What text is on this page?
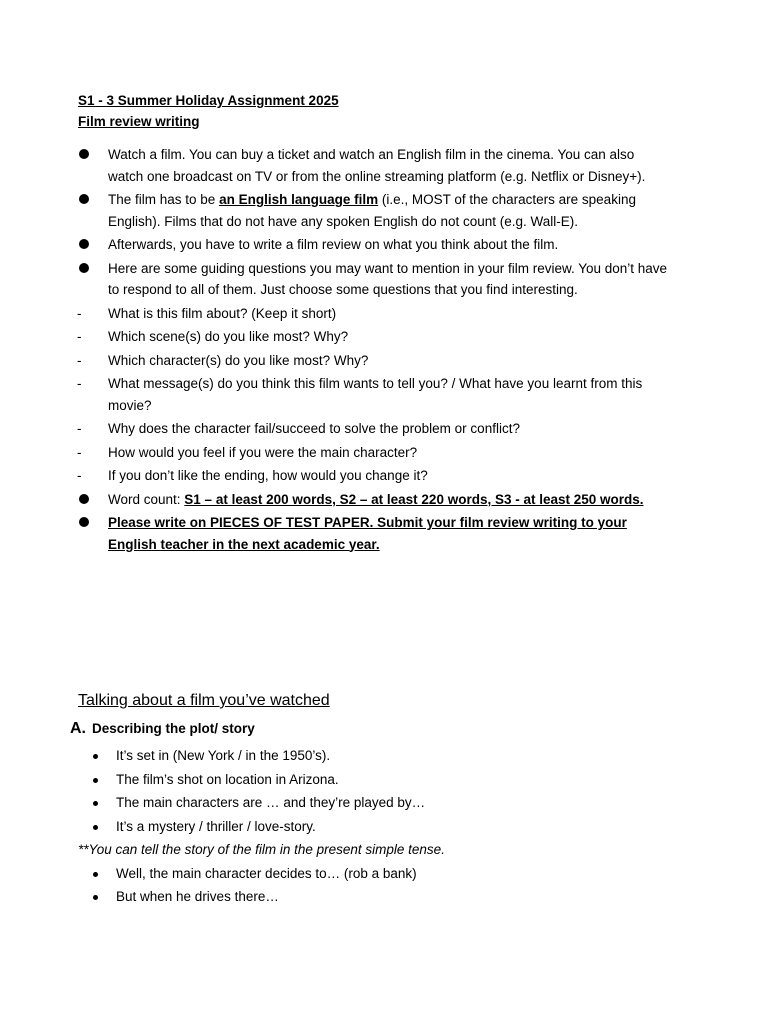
S1 - 3 Summer Holiday Assignment 2025
Film review writing
Watch a film. You can buy a ticket and watch an English film in the cinema. You can also watch one broadcast on TV or from the online streaming platform (e.g. Netflix or Disney+).
The film has to be an English language film (i.e., MOST of the characters are speaking English). Films that do not have any spoken English do not count (e.g. Wall-E).
Afterwards, you have to write a film review on what you think about the film.
Here are some guiding questions you may want to mention in your film review. You don’t have to respond to all of them. Just choose some questions that you find interesting.
- What is this film about? (Keep it short)
- Which scene(s) do you like most? Why?
- Which character(s) do you like most? Why?
- What message(s) do you think this film wants to tell you? / What have you learnt from this movie?
- Why does the character fail/succeed to solve the problem or conflict?
- How would you feel if you were the main character?
- If you don’t like the ending, how would you change it?
Word count: S1 – at least 200 words, S2 – at least 220 words, S3 - at least 250 words.
Please write on PIECES OF TEST PAPER. Submit your film review writing to your English teacher in the next academic year.
Talking about a film you’ve watched
A. Describing the plot/ story
It’s set in (New York / in the 1950’s).
The film’s shot on location in Arizona.
The main characters are … and they’re played by…
It’s a mystery / thriller / love-story.
**You can tell the story of the film in the present simple tense.
Well, the main character decides to… (rob a bank)
But when he drives there…
